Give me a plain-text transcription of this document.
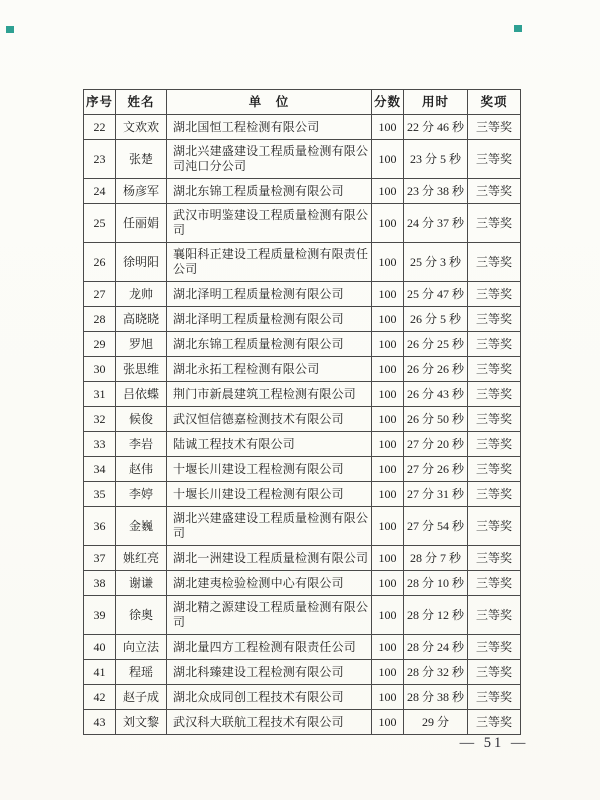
序号	姓名	单　位	分数	用时	奖项
22	文欢欢	湖北国恒工程检测有限公司	100	22 分 46 秒	三等奖
23	张楚	湖北兴建盛建设工程质量检测有限公司沌口分公司	100	23 分 5 秒	三等奖
24	杨彦军	湖北东锦工程质量检测有限公司	100	23 分 38 秒	三等奖
25	任丽娟	武汉市明鉴建设工程质量检测有限公司	100	24 分 37 秒	三等奖
26	徐明阳	襄阳科正建设工程质量检测有限责任公司	100	25 分 3 秒	三等奖
27	龙帅	湖北泽明工程质量检测有限公司	100	25 分 47 秒	三等奖
28	高晓晓	湖北泽明工程质量检测有限公司	100	26 分 5 秒	三等奖
29	罗旭	湖北东锦工程质量检测有限公司	100	26 分 25 秒	三等奖
30	张思维	湖北永拓工程检测有限公司	100	26 分 26 秒	三等奖
31	吕依蝶	荆门市新晨建筑工程检测有限公司	100	26 分 43 秒	三等奖
32	候俊	武汉恒信德嘉检测技术有限公司	100	26 分 50 秒	三等奖
33	李岩	陆诚工程技术有限公司	100	27 分 20 秒	三等奖
34	赵伟	十堰长川建设工程检测有限公司	100	27 分 26 秒	三等奖
35	李婷	十堰长川建设工程检测有限公司	100	27 分 31 秒	三等奖
36	金巍	湖北兴建盛建设工程质量检测有限公司	100	27 分 54 秒	三等奖
37	姚红亮	湖北一洲建设工程质量检测有限公司	100	28 分 7 秒	三等奖
38	谢谦	湖北建夷检验检测中心有限公司	100	28 分 10 秒	三等奖
39	徐奥	湖北精之源建设工程质量检测有限公司	100	28 分 12 秒	三等奖
40	向立法	湖北量四方工程检测有限责任公司	100	28 分 24 秒	三等奖
41	程瑶	湖北科臻建设工程检测有限公司	100	28 分 32 秒	三等奖
42	赵子成	湖北众成同创工程技术有限公司	100	28 分 38 秒	三等奖
43	刘文黎	武汉科大联航工程技术有限公司	100	29 分	三等奖
— 51 —
